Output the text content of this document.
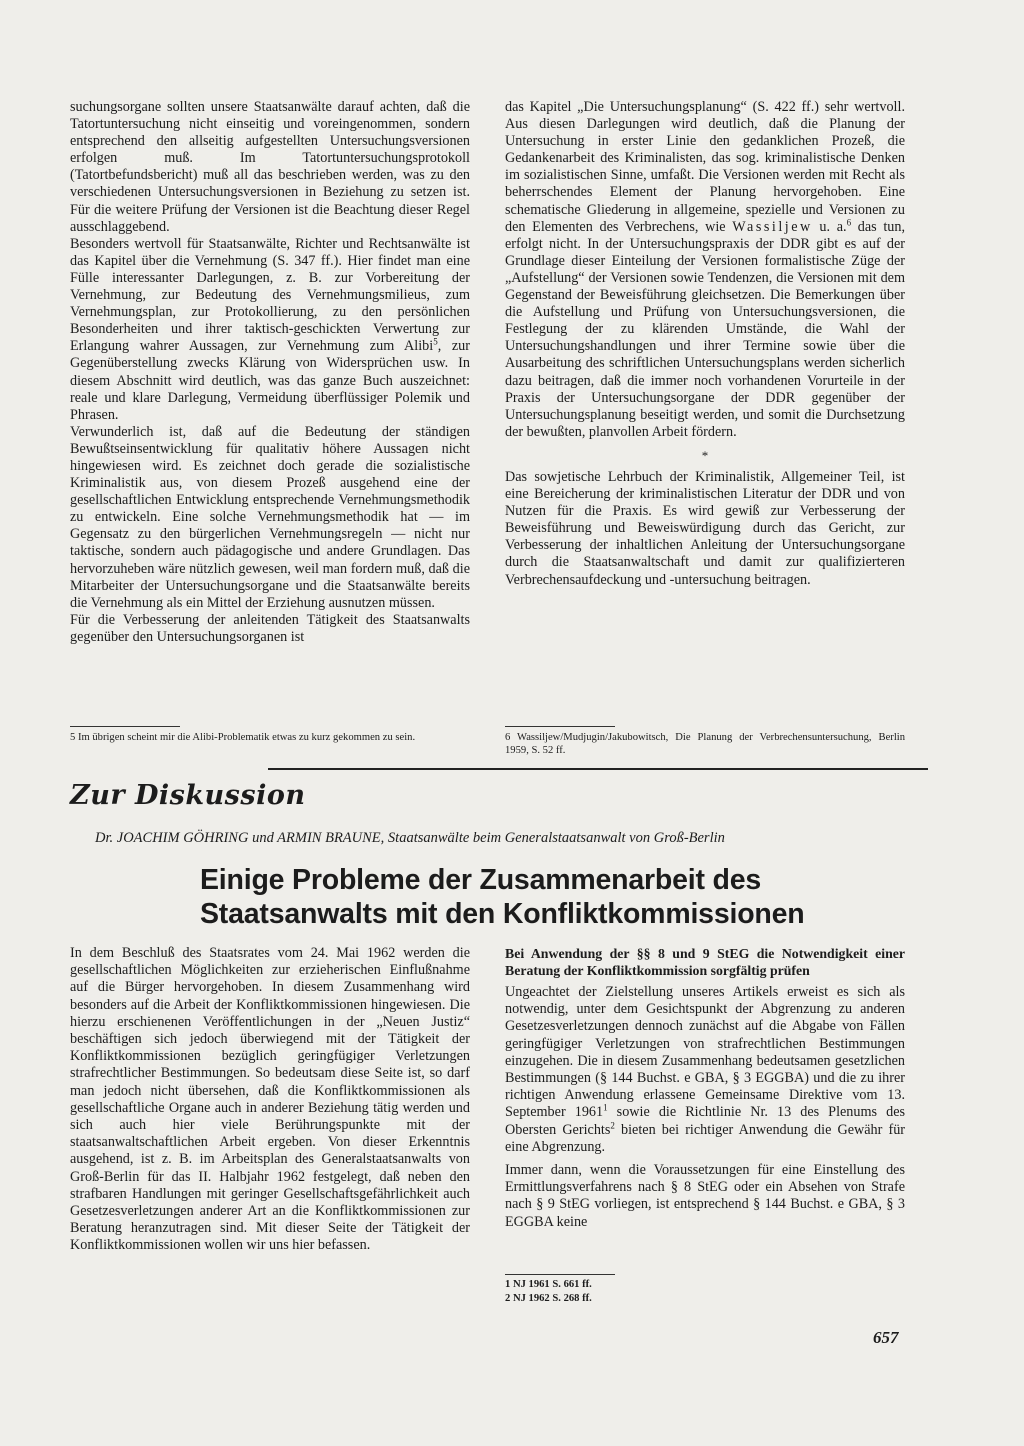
suchungsorgane sollten unsere Staatsanwälte darauf achten, daß die Tatortuntersuchung nicht einseitig und voreingenommen, sondern entsprechend den allseitig aufgestellten Untersuchungsversionen erfolgen muß. Im Tatortuntersuchungsprotokoll (Tatortbefundsbericht) muß all das beschrieben werden, was zu den verschiedenen Untersuchungsversionen in Beziehung zu setzen ist. Für die weitere Prüfung der Versionen ist die Beachtung dieser Regel ausschlaggebend.

Besonders wertvoll für Staatsanwälte, Richter und Rechtsanwälte ist das Kapitel über die Vernehmung (S. 347 ff.). Hier findet man eine Fülle interessanter Darlegungen, z. B. zur Vorbereitung der Vernehmung, zur Bedeutung des Vernehmungsmilieus, zum Vernehmungsplan, zur Protokollierung, zu den persönlichen Besonderheiten und ihrer taktisch-geschickten Verwertung zur Erlangung wahrer Aussagen, zur Vernehmung zum Alibi$^5$, zur Gegenüberstellung zwecks Klärung von Widersprüchen usw. In diesem Abschnitt wird deutlich, was das ganze Buch auszeichnet: reale und klare Darlegung, Vermeidung überflüssiger Polemik und Phrasen.

Verwunderlich ist, daß auf die Bedeutung der ständigen Bewußtseinsentwicklung für qualitativ höhere Aussagen nicht hingewiesen wird. Es zeichnet doch gerade die sozialistische Kriminalistik aus, von diesem Prozeß ausgehend eine der gesellschaftlichen Entwicklung entsprechende Vernehmungsmethodik zu entwickeln. Eine solche Vernehmungsmethodik hat — im Gegensatz zu den bürgerlichen Vernehmungsregeln — nicht nur taktische, sondern auch pädagogische und andere Grundlagen. Das hervorzuheben wäre nützlich gewesen, weil man fordern muß, daß die Mitarbeiter der Untersuchungsorgane und die Staatsanwälte bereits die Vernehmung als ein Mittel der Erziehung ausnutzen müssen.

Für die Verbesserung der anleitenden Tätigkeit des Staatsanwalts gegenüber den Untersuchungsorganen ist

das Kapitel „Die Untersuchungsplanung“ (S. 422 ff.) sehr wertvoll. Aus diesen Darlegungen wird deutlich, daß die Planung der Untersuchung in erster Linie den gedanklichen Prozeß, die Gedankenarbeit des Kriminalisten, das sog. kriminalistische Denken im sozialistischen Sinne, umfaßt. Die Versionen werden mit Recht als beherrschendes Element der Planung hervorgehoben. Eine schematische Gliederung in allgemeine, spezielle und Versionen zu den Elementen des Verbrechens, wie Wassiljew u. a.$^6$ das tun, erfolgt nicht. In der Untersuchungspraxis der DDR gibt es auf der Grundlage dieser Einteilung der Versionen formalistische Züge der „Aufstellung“ der Versionen sowie Tendenzen, die Versionen mit dem Gegenstand der Beweisführung gleichsetzen. Die Bemerkungen über die Aufstellung und Prüfung von Untersuchungsversionen, die Festlegung der zu klärenden Umstände, die Wahl der Untersuchungshandlungen und ihrer Termine sowie über die Ausarbeitung des schriftlichen Untersuchungsplans werden sicherlich dazu beitragen, daß die immer noch vorhandenen Vorurteile in der Praxis der Untersuchungsorgane der DDR gegenüber der Untersuchungsplanung beseitigt werden, und somit die Durchsetzung der bewußten, planvollen Arbeit fördern.

*

Das sowjetische Lehrbuch der Kriminalistik, Allgemeiner Teil, ist eine Bereicherung der kriminalistischen Literatur der DDR und von Nutzen für die Praxis. Es wird gewiß zur Verbesserung der Beweisführung und Beweiswürdigung durch das Gericht, zur Verbesserung der inhaltlichen Anleitung der Untersuchungsorgane durch die Staatsanwaltschaft und damit zur qualifizierteren Verbrechensaufdeckung und -untersuchung beitragen.

5 Im übrigen scheint mir die Alibi-Problematik etwas zu kurz gekommen zu sein.	6 Wassiljew/Mudjugin/Jakubowitsch, Die Planung der Verbrechensuntersuchung, Berlin 1959, S. 52 ff.
Zur Diskussion
Dr. JOACHIM GÖHRING und ARMIN BRAUNE, Staatsanwälte beim Generalstaatsanwalt von Groß-Berlin
Einige Probleme der Zusammenarbeit des Staatsanwalts mit den Konfliktkommissionen

In dem Beschluß des Staatsrates vom 24. Mai 1962 werden die gesellschaftlichen Möglichkeiten zur erzieherischen Einflußnahme auf die Bürger hervorgehoben. In diesem Zusammenhang wird besonders auf die Arbeit der Konfliktkommissionen hingewiesen. Die hierzu erschienenen Veröffentlichungen in der „Neuen Justiz“ beschäftigen sich jedoch überwiegend mit der Tätigkeit der Konfliktkommissionen bezüglich geringfügiger Verletzungen strafrechtlicher Bestimmungen. So bedeutsam diese Seite ist, so darf man jedoch nicht übersehen, daß die Konfliktkommissionen als gesellschaftliche Organe auch in anderer Beziehung tätig werden und sich auch hier viele Berührungspunkte mit der staatsanwaltschaftlichen Arbeit ergeben. Von dieser Erkenntnis ausgehend, ist z. B. im Arbeitsplan des Generalstaatsanwalts von Groß-Berlin für das II. Halbjahr 1962 festgelegt, daß neben den strafbaren Handlungen mit geringer Gesellschaftsgefährlichkeit auch Gesetzesverletzungen anderer Art an die Konfliktkommissionen zur Beratung heranzutragen sind. Mit dieser Seite der Tätigkeit der Konfliktkommissionen wollen wir uns hier befassen.

Bei Anwendung der §§ 8 und 9 StEG die Notwendigkeit einer Beratung der Konfliktkommission sorgfältig prüfen

Ungeachtet der Zielstellung unseres Artikels erweist es sich als notwendig, unter dem Gesichtspunkt der Abgrenzung zu anderen Gesetzesverletzungen dennoch zunächst auf die Abgabe von Fällen geringfügiger Verletzungen von strafrechtlichen Bestimmungen einzugehen. Die in diesem Zusammenhang bedeutsamen gesetzlichen Bestimmungen (§ 144 Buchst. e GBA, § 3 EGGBA) und die zu ihrer richtigen Anwendung erlassene Gemeinsame Direktive vom 13. September 1961$^1$ sowie die Richtlinie Nr. 13 des Plenums des Obersten Gerichts$^2$ bieten bei richtiger Anwendung die Gewähr für eine Abgrenzung.

Immer dann, wenn die Voraussetzungen für eine Einstellung des Ermittlungsverfahrens nach § 8 StEG oder ein Absehen von Strafe nach § 9 StEG vorliegen, ist entsprechend § 144 Buchst. e GBA, § 3 EGGBA keine

1 NJ 1961 S. 661 ff.
2 NJ 1962 S. 268 ff.
657
